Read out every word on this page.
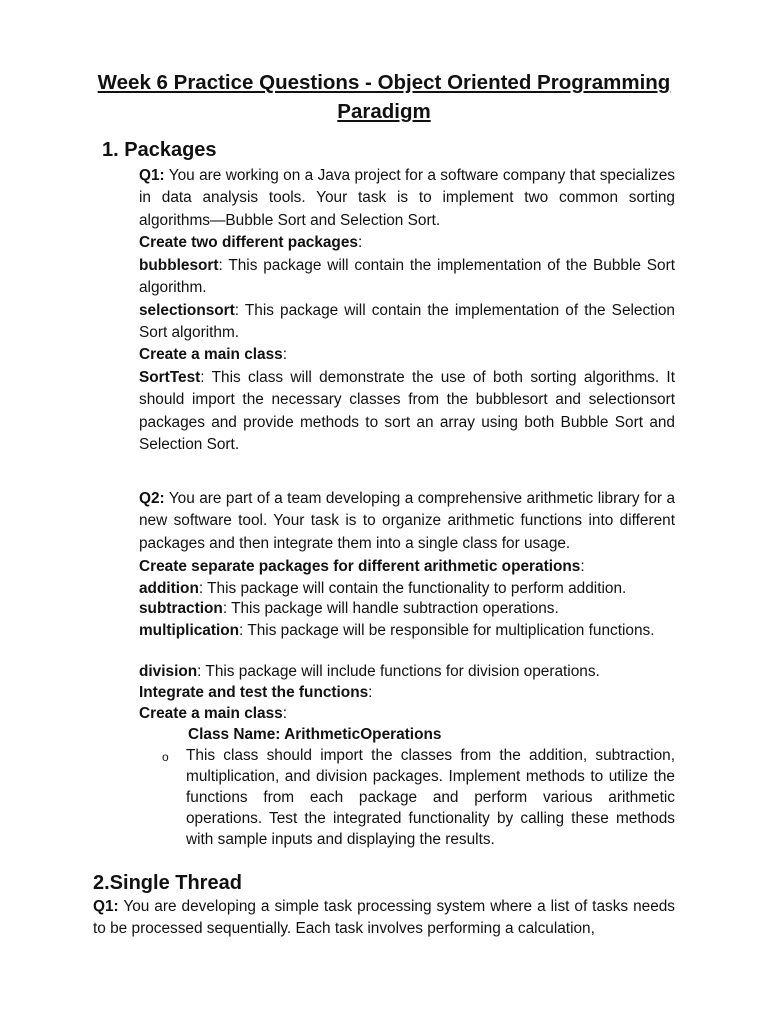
Week 6 Practice Questions - Object Oriented Programming
Paradigm
1. Packages
Q1: You are working on a Java project for a software company that specializes in data analysis tools. Your task is to implement two common sorting algorithms—Bubble Sort and Selection Sort.
Create two different packages:
bubblesort: This package will contain the implementation of the Bubble Sort algorithm.
selectionsort: This package will contain the implementation of the Selection Sort algorithm.
Create a main class:
SortTest: This class will demonstrate the use of both sorting algorithms. It should import the necessary classes from the bubblesort and selectionsort packages and provide methods to sort an array using both Bubble Sort and Selection Sort.
Q2: You are part of a team developing a comprehensive arithmetic library for a new software tool. Your task is to organize arithmetic functions into different packages and then integrate them into a single class for usage.
Create separate packages for different arithmetic operations:
addition: This package will contain the functionality to perform addition.
subtraction: This package will handle subtraction operations.
multiplication: This package will be responsible for multiplication functions.
division: This package will include functions for division operations.
Integrate and test the functions:
Create a main class:
Class Name: ArithmeticOperations
o This class should import the classes from the addition, subtraction, multiplication, and division packages. Implement methods to utilize the functions from each package and perform various arithmetic operations. Test the integrated functionality by calling these methods with sample inputs and displaying the results.
2.Single Thread
Q1: You are developing a simple task processing system where a list of tasks needs to be processed sequentially. Each task involves performing a calculation,
